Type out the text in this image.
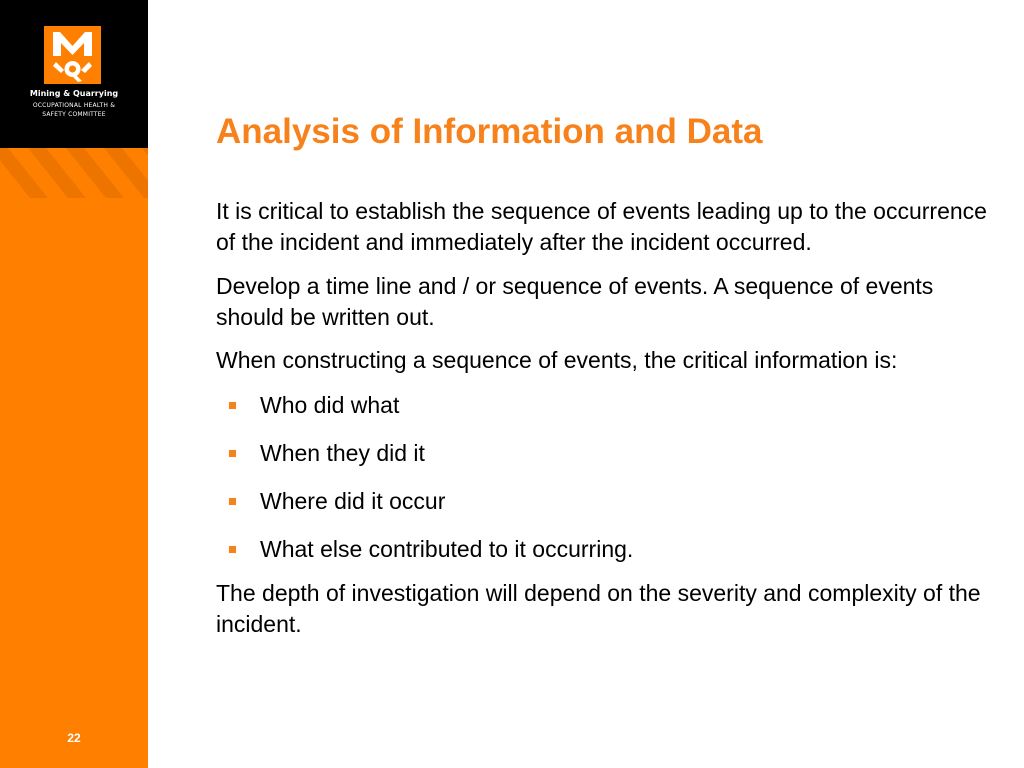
Mining & Quarrying
OCCUPATIONAL HEALTH &
SAFETY COMMITTEE
22
Analysis of Information and Data

It is critical to establish the sequence of events leading up to the occurrence of the incident and immediately after the incident occurred.

Develop a time line and / or sequence of events. A sequence of events should be written out.

When constructing a sequence of events, the critical information is:

Who did what
When they did it
Where did it occur
What else contributed to it occurring.

The depth of investigation will depend on the severity and complexity of the incident.
